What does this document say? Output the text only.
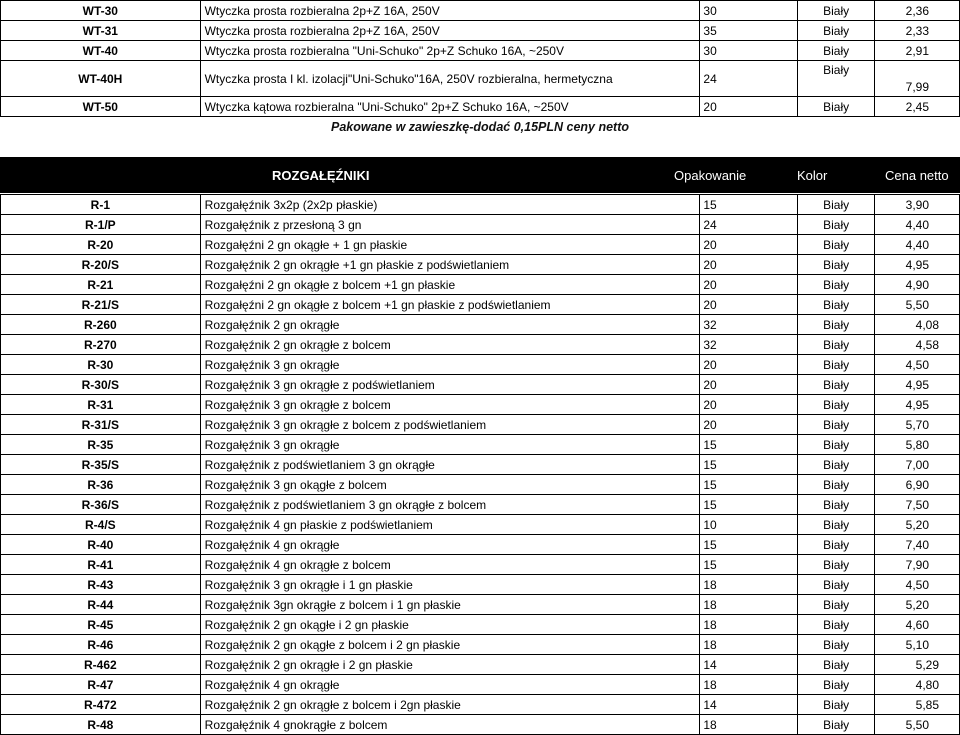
WT-30	Wtyczka prosta rozbieralna 2p+Z 16A, 250V	30	Biały	2,36
WT-31	Wtyczka prosta rozbieralna 2p+Z 16A, 250V	35	Biały	2,33
WT-40	Wtyczka prosta rozbieralna "Uni-Schuko" 2p+Z Schuko 16A, ~250V	30	Biały	2,91
WT-40H	Wtyczka prosta I kl. izolacji"Uni-Schuko"16A, 250V rozbieralna, hermetyczna	24	Biały	7,99
WT-50	Wtyczka kątowa rozbieralna "Uni-Schuko" 2p+Z Schuko 16A, ~250V	20	Biały	2,45
Pakowane w zawieszkę-dodać 0,15PLN ceny netto
ROZGAŁĘŹNIKI	Opakowanie	Kolor	Cena netto
R-1	Rozgałęźnik 3x2p (2x2p płaskie)	15	Biały	3,90
R-1/P	Rozgałęźnik z przesłoną 3 gn	24	Biały	4,40
R-20	Rozgałęźni 2 gn okągłe + 1 gn płaskie	20	Biały	4,40
R-20/S	Rozgałęźnik 2 gn okrągłe +1 gn płaskie z podświetlaniem	20	Biały	4,95
R-21	Rozgałęźni 2 gn okągłe z bolcem +1 gn płaskie	20	Biały	4,90
R-21/S	Rozgałęźni 2 gn okągłe z bolcem +1 gn płaskie z podświetlaniem	20	Biały	5,50
R-260	Rozgałęźnik 2 gn okrągłe	32	Biały	4,08
R-270	Rozgałęźnik 2 gn okrągłe z bolcem	32	Biały	4,58
R-30	Rozgałęźnik 3 gn okrągłe	20	Biały	4,50
R-30/S	Rozgałęźnik 3 gn okrągłe z podświetlaniem	20	Biały	4,95
R-31	Rozgałęźnik 3 gn okrągłe z bolcem	20	Biały	4,95
R-31/S	Rozgałęźnik 3 gn okrągłe z bolcem z podświetlaniem	20	Biały	5,70
R-35	Rozgałęźnik 3 gn okrągłe	15	Biały	5,80
R-35/S	Rozgałęźnik z podświetlaniem 3 gn okrągłe	15	Biały	7,00
R-36	Rozgałęźnik 3 gn okągłe z bolcem	15	Biały	6,90
R-36/S	Rozgałęźnik z podświetlaniem 3 gn okrągłe z bolcem	15	Biały	7,50
R-4/S	Rozgałęźnik 4 gn płaskie z podświetlaniem	10	Biały	5,20
R-40	Rozgałęźnik 4 gn okrągłe	15	Biały	7,40
R-41	Rozgałęźnik 4 gn okrągłe z bolcem	15	Biały	7,90
R-43	Rozgałęźnik 3 gn okrągłe i 1 gn płaskie	18	Biały	4,50
R-44	Rozgałęźnik 3gn okrągłe z bolcem i 1 gn płaskie	18	Biały	5,20
R-45	Rozgałęźnik 2 gn okągłe i 2 gn płaskie	18	Biały	4,60
R-46	Rozgałęźnik 2 gn okągłe z bolcem i 2 gn płaskie	18	Biały	5,10
R-462	Rozgałęźnik 2 gn okrągłe i 2 gn płaskie	14	Biały	5,29
R-47	Rozgałęźnik 4 gn okrągłe	18	Biały	4,80
R-472	Rozgałęźnik 2 gn okrągłe z bolcem i 2gn płaskie	14	Biały	5,85
R-48	Rozgałęźnik 4 gnokrągłe z bolcem	18	Biały	5,50
